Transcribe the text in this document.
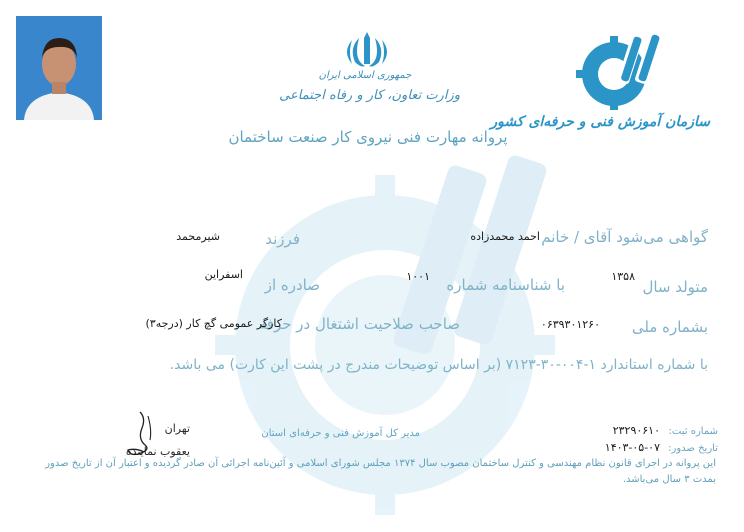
جمهوری اسلامی ایران
وزارت تعاون، کار و رفاه اجتماعی
سازمان آموزش فنی و حرفه‌ای کشور
پروانه مهارت فنی نیروی کار صنعت ساختمان
گواهی می‌شود آقای / خانم
احمد محمدزاده
فرزند
شیرمحمد
متولد سال
۱۳۵۸
با شناسنامه شماره
۱۰۰۱
صادره از
اسفراین
بشماره ملی
۰۶۳۹۳۰۱۲۶۰
صاحب صلاحیت اشتغال در حرفه
کارگر عمومی گچ کار (درجه۳)
با شماره استاندارد ۱-۰۰۴-۳۰-۷۱۲۳ (بر اساس توضیحات مندرج در پشت این کارت) می باشد.
شماره ثبت:
۲۳۲۹۰۶۱۰
تاریخ صدور:
۱۴۰۳-۰۵-۰۷
مدیر کل آموزش فنی و حرفه‌ای استان
تهران
یعقوب نماینده
این پروانه در اجرای قانون نظام مهندسی و کنترل ساختمان مصوب سال ۱۳۷۴ مجلس شورای اسلامی و آئین‌نامه اجرائی آن صادر گردیده و اعتبار آن از تاریخ صدور بمدت ۳ سال می‌باشد.
